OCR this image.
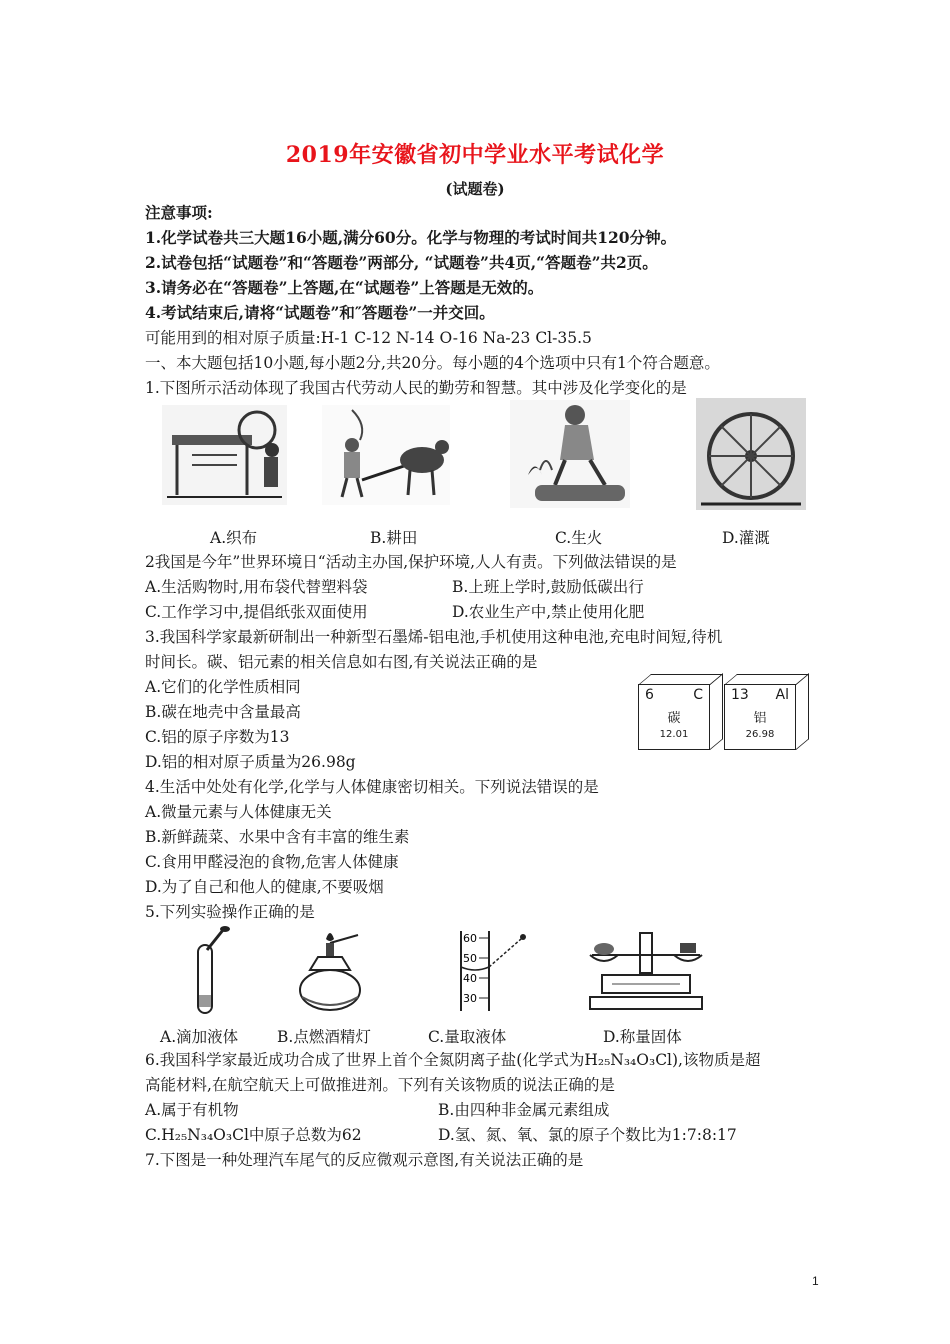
2019年安徽省初中学业水平考试化学
(试题卷)
注意事项:
1.化学试卷共三大题16小题,满分60分。化学与物理的考试时间共120分钟。
2.试卷包括“试题卷”和“答题卷”两部分, “试题卷”共4页,“答题卷”共2页。
3.请务必在“答题卷”上答题,在“试题卷”上答题是无效的。
4.考试结束后,请将“试题卷”和″答题卷”一并交回。
可能用到的相对原子质量:H-1 C-12 N-14 O-16 Na-23 Cl-35.5
一、本大题包括10小题,每小题2分,共20分。每小题的4个选项中只有1个符合题意。
1.下图所示活动体现了我国古代劳动人民的勤劳和智慧。其中涉及化学变化的是
A.织布	B.耕田	C.生火	D.灌溉
2我国是今年”世界环境日“活动主办国,保护环境,人人有责。下列做法错误的是
A.生活购物时,用布袋代替塑料袋	B.上班上学时,鼓励低碳出行
C.工作学习中,提倡纸张双面使用	D.农业生产中,禁止使用化肥
3.我国科学家最新研制出一种新型石墨烯-铝电池,手机使用这种电池,充电时间短,待机
时间长。碳、铝元素的相关信息如右图,有关说法正确的是
A.它们的化学性质相同
B.碳在地壳中含量最高
C.铝的原子序数为13
D.铝的相对原子质量为26.98g
6	C
碳
12.01
13 Al
铝
26.98
4.生活中处处有化学,化学与人体健康密切相关。下列说法错误的是
A.微量元素与人体健康无关
B.新鲜蔬菜、水果中含有丰富的维生素
C.食用甲醛浸泡的食物,危害人体健康
D.为了自己和他人的健康,不要吸烟
5.下列实验操作正确的是
60
50
40
30
A.滴加液体	B.点燃酒精灯	C.量取液体	D.称量固体
6.我国科学家最近成功合成了世界上首个全氮阴离子盐(化学式为H₂₅N₃₄O₃Cl),该物质是超
高能材料,在航空航天上可做推进剂。下列有关该物质的说法正确的是
A.属于有机物	B.由四种非金属元素组成
C.H₂₅N₃₄O₃Cl中原子总数为62	D.氢、氮、氧、氯的原子个数比为1:7:8:17
7.下图是一种处理汽车尾气的反应微观示意图,有关说法正确的是
1
